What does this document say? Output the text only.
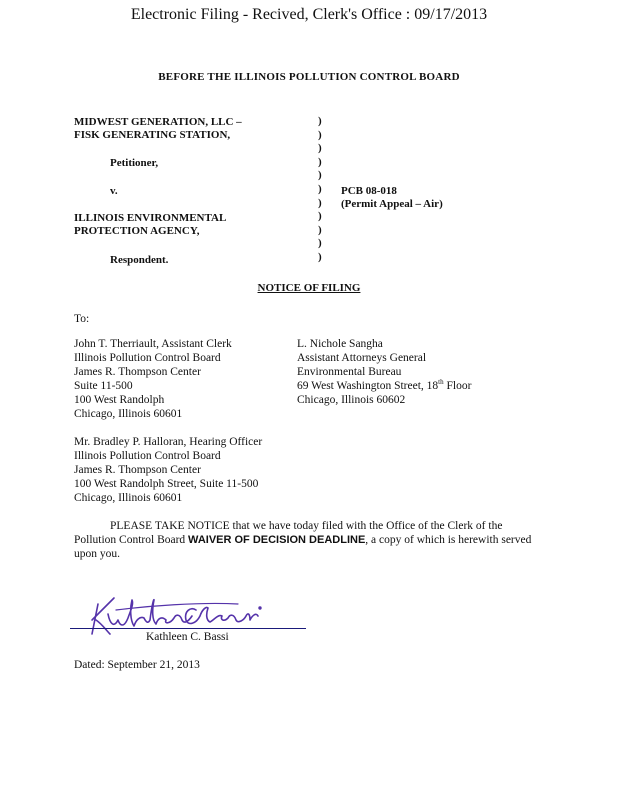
Electronic Filing - Recived, Clerk's Office : 09/17/2013
BEFORE THE ILLINOIS POLLUTION CONTROL BOARD
MIDWEST GENERATION, LLC –
FISK GENERATING STATION,
Petitioner,
v.
ILLINOIS ENVIRONMENTAL
PROTECTION AGENCY,
Respondent.
)
)
)
)
)
)
)
)
)
)
)
PCB 08-018
(Permit Appeal – Air)
NOTICE OF FILING
To:
John T. Therriault, Assistant Clerk
Illinois Pollution Control Board
James R. Thompson Center
Suite 11-500
100 West Randolph
Chicago, Illinois 60601
L. Nichole Sangha
Assistant Attorneys General
Environmental Bureau
69 West Washington Street, 18th Floor
Chicago, Illinois 60602
Mr. Bradley P. Halloran, Hearing Officer
Illinois Pollution Control Board
James R. Thompson Center
100 West Randolph Street, Suite 11-500
Chicago, Illinois 60601
PLEASE TAKE NOTICE that we have today filed with the Office of the Clerk of the Pollution Control Board WAIVER OF DECISION DEADLINE, a copy of which is herewith served upon you.
Kathleen C. Bassi
Dated: September 21, 2013
